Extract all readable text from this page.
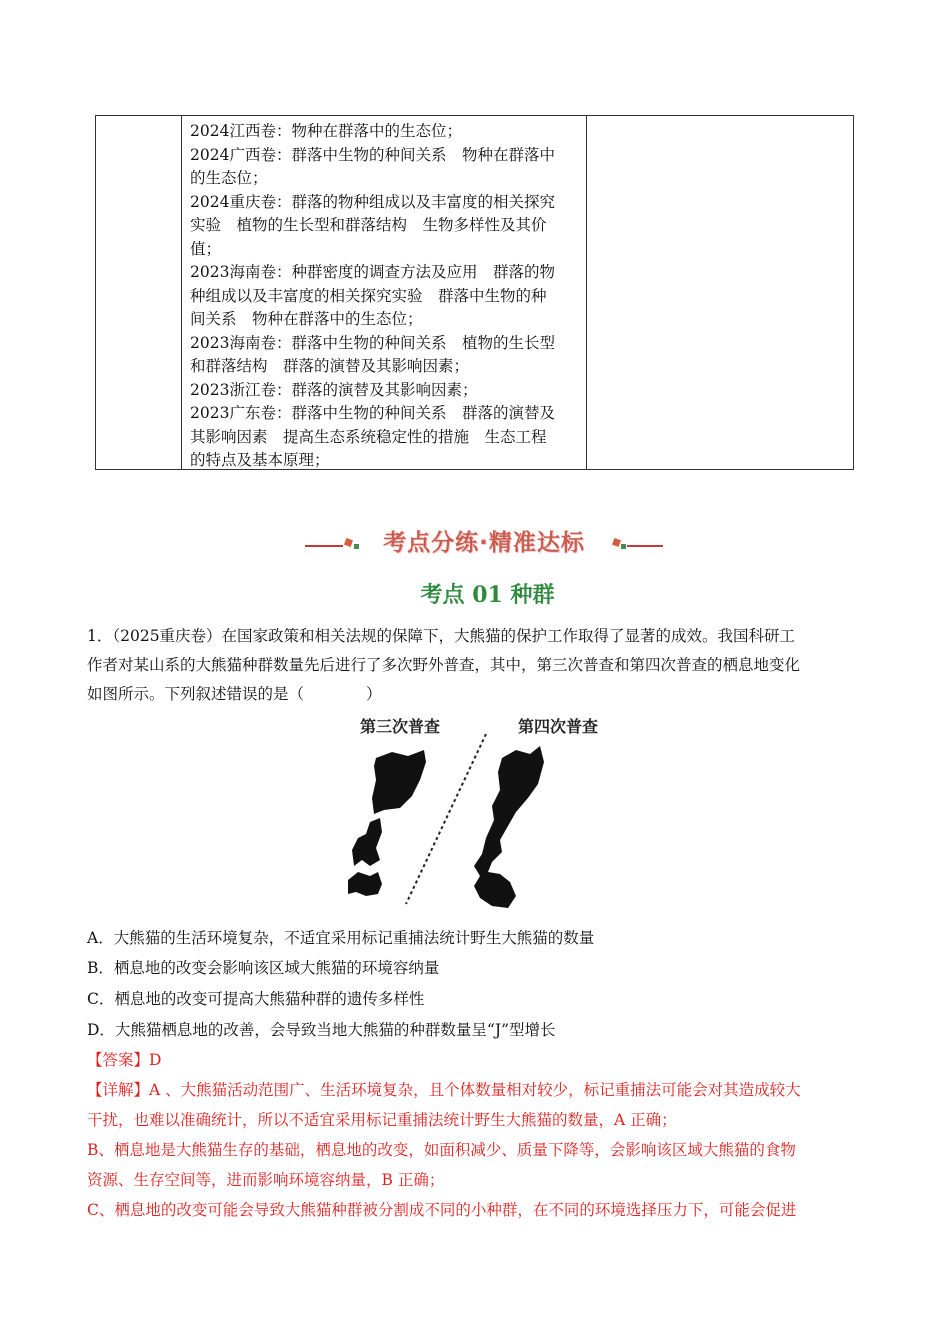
2024江西卷：物种在群落中的生态位；

2024广西卷：群落中生物的种间关系　物种在群落中

的生态位；

2024重庆卷：群落的物种组成以及丰富度的相关探究

实验　植物的生长型和群落结构　生物多样性及其价

值；

2023海南卷：种群密度的调查方法及应用　群落的物

种组成以及丰富度的相关探究实验　群落中生物的种

间关系　物种在群落中的生态位；

2023海南卷：群落中生物的种间关系　植物的生长型

和群落结构　群落的演替及其影响因素；

2023浙江卷：群落的演替及其影响因素；

2023广东卷：群落中生物的种间关系　群落的演替及

其影响因素　提高生态系统稳定性的措施　生态工程

的特点及基本原理；

考点分练·精准达标
考点 01 种群

1．（2025重庆卷）在国家政策和相关法规的保障下，大熊猫的保护工作取得了显著的成效。我国科研工

作者对某山系的大熊猫种群数量先后进行了多次野外普查，其中，第三次普查和第四次普查的栖息地变化

如图所示。下列叙述错误的是（　　　　）

第三次普查	第四次普查
A．大熊猫的生活环境复杂，不适宜采用标记重捕法统计野生大熊猫的数量
B．栖息地的改变会影响该区域大熊猫的环境容纳量
C．栖息地的改变可提高大熊猫种群的遗传多样性
D．大熊猫栖息地的改善，会导致当地大熊猫的种群数量呈“J”型增长

【答案】D

【详解】A 、大熊猫活动范围广、生活环境复杂，且个体数量相对较少，标记重捕法可能会对其造成较大

干扰，也难以准确统计，所以不适宜采用标记重捕法统计野生大熊猫的数量，A 正确；

B、栖息地是大熊猫生存的基础，栖息地的改变，如面积减少、质量下降等，会影响该区域大熊猫的食物

资源、生存空间等，进而影响环境容纳量，B 正确；

C、栖息地的改变可能会导致大熊猫种群被分割成不同的小种群，在不同的环境选择压力下，可能会促进
